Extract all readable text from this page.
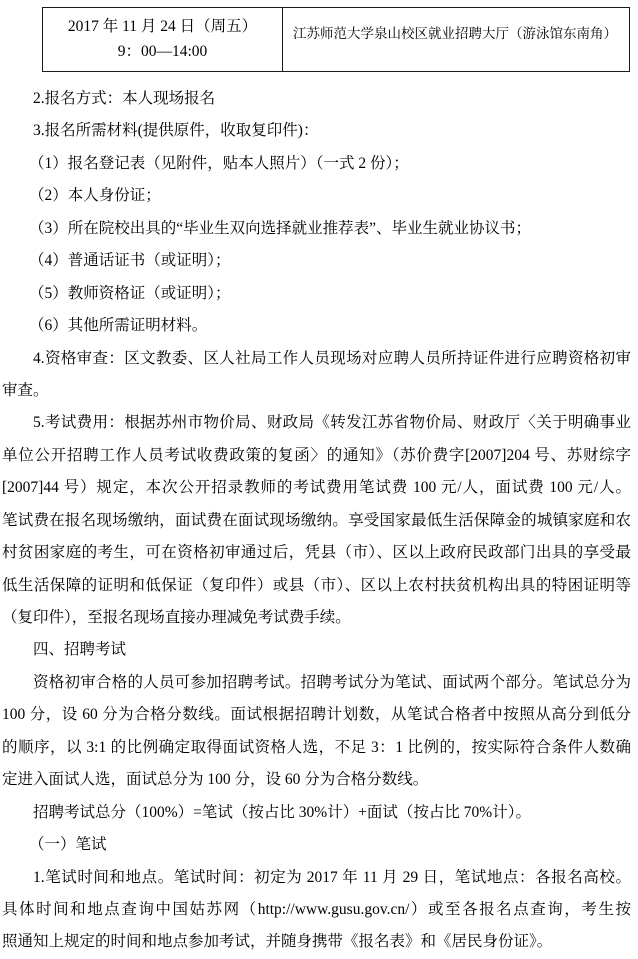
2017 年 11 月 24 日（周五）
9：00—14:00
江苏师范大学泉山校区就业招聘大厅（游泳馆东南角）
2.报名方式：本人现场报名
3.报名所需材料(提供原件，收取复印件)：
（1）报名登记表（见附件，贴本人照片）（一式 2 份）；
（2）本人身份证；
（3）所在院校出具的“毕业生双向选择就业推荐表”、毕业生就业协议书；
（4）普通话证书（或证明）；
（5）教师资格证（或证明）；
（6）其他所需证明材料。
4.资格审查：区文教委、区人社局工作人员现场对应聘人员所持证件进行应聘资格初审
审查。
5.考试费用：根据苏州市物价局、财政局《转发江苏省物价局、财政厅〈关于明确事业
单位公开招聘工作人员考试收费政策的复函〉的通知》（苏价费字[2007]204 号、苏财综字
[2007]44 号）规定，本次公开招录教师的考试费用笔试费 100 元/人，面试费 100 元/人。
笔试费在报名现场缴纳，面试费在面试现场缴纳。享受国家最低生活保障金的城镇家庭和农
村贫困家庭的考生，可在资格初审通过后，凭县（市）、区以上政府民政部门出具的享受最
低生活保障的证明和低保证（复印件）或县（市）、区以上农村扶贫机构出具的特困证明等
（复印件），至报名现场直接办理减免考试费手续。
四、招聘考试
资格初审合格的人员可参加招聘考试。招聘考试分为笔试、面试两个部分。笔试总分为
100 分，设 60 分为合格分数线。面试根据招聘计划数，从笔试合格者中按照从高分到低分
的顺序，以 3:1 的比例确定取得面试资格人选，不足 3：1 比例的，按实际符合条件人数确
定进入面试人选，面试总分为 100 分，设 60 分为合格分数线。
招聘考试总分（100%）=笔试（按占比 30%计）+面试（按占比 70%计）。
（一）笔试
1.笔试时间和地点。笔试时间：初定为 2017 年 11 月 29 日，笔试地点：各报名高校。
具体时间和地点查询中国姑苏网（http://www.gusu.gov.cn/）或至各报名点查询，考生按
照通知上规定的时间和地点参加考试，并随身携带《报名表》和《居民身份证》。
